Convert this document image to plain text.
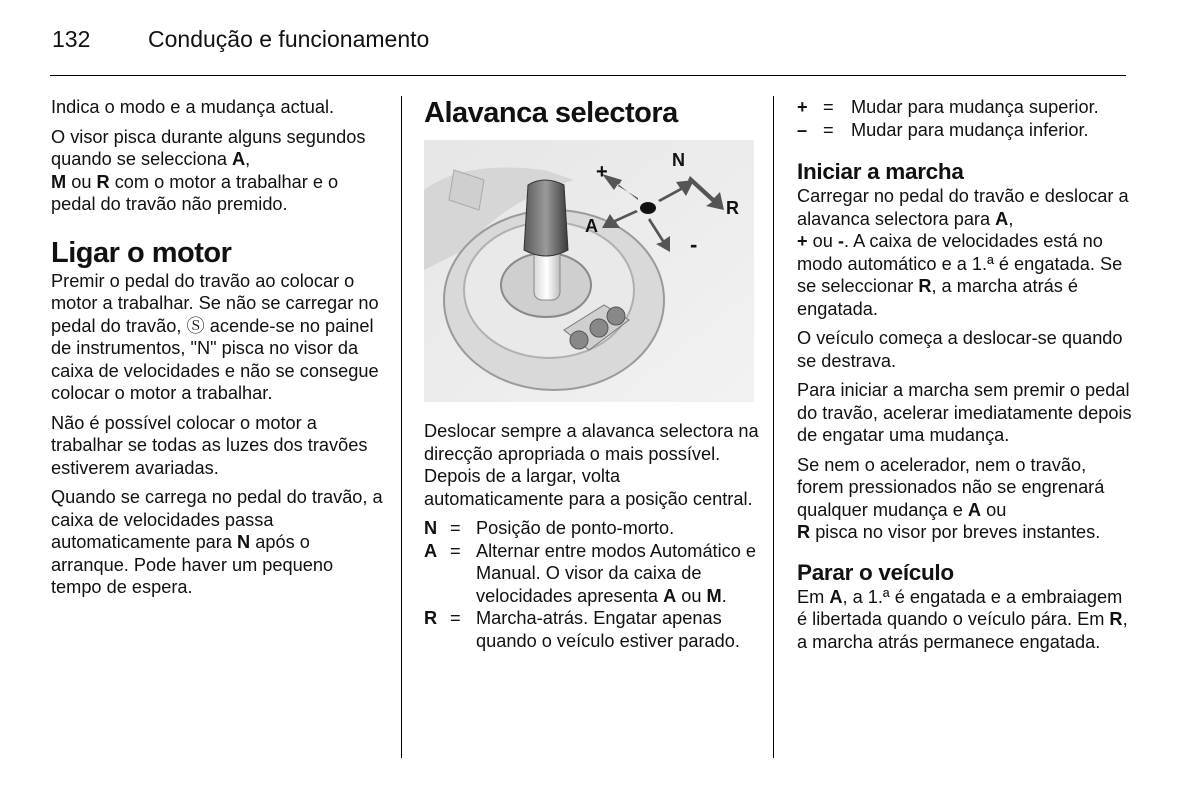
132	Condução e funcionamento

Indica o modo e a mudança actual.

O visor pisca durante alguns segundos quando se selecciona A,
M ou R com o motor a trabalhar e o pedal do travão não premido.

Ligar o motor

Premir o pedal do travão ao colocar o motor a trabalhar. Se não se carregar no pedal do travão, Ⓢ acende-se no painel de instrumentos, "N" pisca no visor da caixa de velocidades e não se consegue colocar o motor a trabalhar.

Não é possível colocar o motor a trabalhar se todas as luzes dos travões estiverem avariadas.

Quando se carrega no pedal do travão, a caixa de velocidades passa automaticamente para N após o arranque. Pode haver um pequeno tempo de espera.

Alavanca selectora
+
N
A
R
-

Deslocar sempre a alavanca selectora na direcção apropriada o mais possível. Depois de a largar, volta automaticamente para a posição central.

N = Posição de ponto-morto.
A = Alternar entre modos Automático e Manual. O visor da caixa de velocidades apresenta A ou M.
R = Marcha-atrás. Engatar apenas quando o veículo estiver parado.
+ = Mudar para mudança superior.
– = Mudar para mudança inferior.
Iniciar a marcha

Carregar no pedal do travão e deslocar a alavanca selectora para A,
+ ou -. A caixa de velocidades está no modo automático e a 1.ª é engatada. Se se seleccionar R, a marcha atrás é engatada.

O veículo começa a deslocar-se quando se destrava.

Para iniciar a marcha sem premir o pedal do travão, acelerar imediatamente depois de engatar uma mudança.

Se nem o acelerador, nem o travão, forem pressionados não se engrenará qualquer mudança e A ou
R pisca no visor por breves instantes.

Parar o veículo

Em A, a 1.ª é engatada e a embraiagem é libertada quando o veículo pára. Em R, a marcha atrás permanece engatada.
